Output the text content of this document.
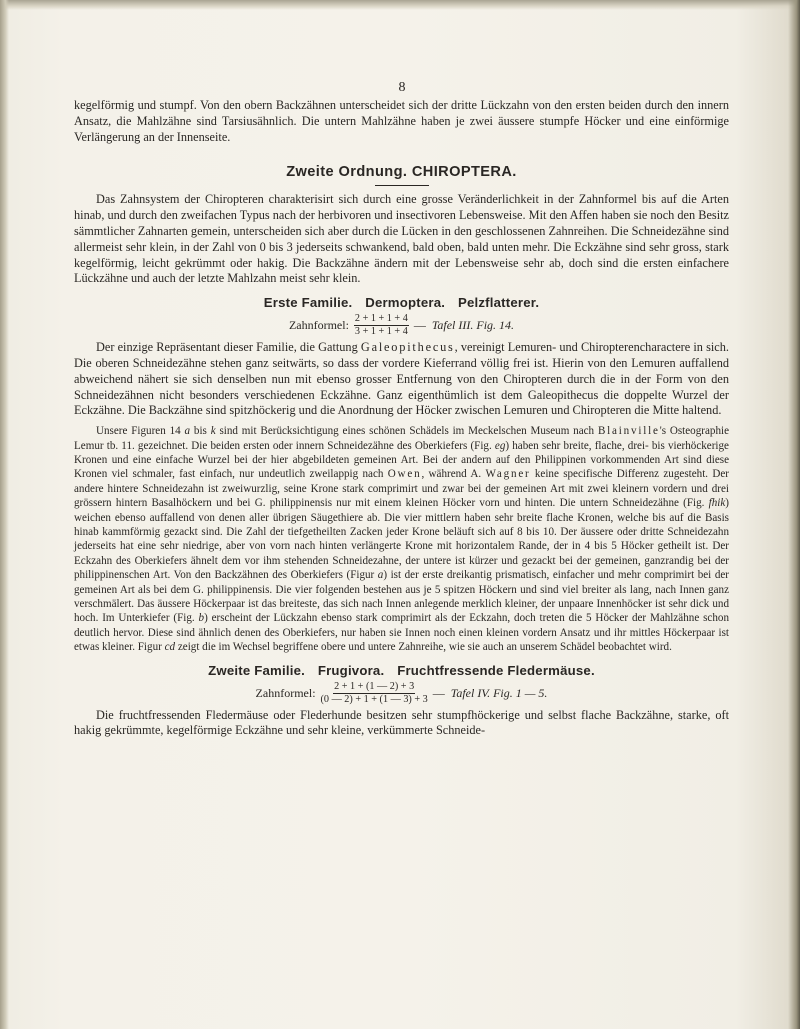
8

kegelförmig und stumpf. Von den obern Backzähnen unterscheidet sich der dritte Lückzahn von den ersten beiden durch den innern Ansatz, die Mahlzähne sind Tarsiusähnlich. Die untern Mahlzähne haben je zwei äussere stumpfe Höcker und eine einförmige Verlängerung an der Innenseite.

Zweite Ordnung. CHIROPTERA.

Das Zahnsystem der Chiropteren charakterisirt sich durch eine grosse Veränderlichkeit in der Zahnformel bis auf die Arten hinab, und durch den zweifachen Typus nach der herbivoren und insectivoren Lebensweise. Mit den Affen haben sie noch den Besitz sämmtlicher Zahnarten gemein, unterscheiden sich aber durch die Lücken in den geschlossenen Zahnreihen. Die Schneidezähne sind allermeist sehr klein, in der Zahl von 0 bis 3 jederseits schwankend, bald oben, bald unten mehr. Die Eckzähne sind sehr gross, stark kegelförmig, leicht gekrümmt oder hakig. Die Backzähne ändern mit der Lebensweise sehr ab, doch sind die ersten einfachere Lückzähne und auch der letzte Mahlzahn meist sehr klein.

Erste Familie. Dermoptera. Pelzflatterer.
Zahnformel: $\frac{2 + 1 + 1 + 4}{3 + 1 + 1 + 4}$ — Tafel III. Fig. 14.

Der einzige Repräsentant dieser Familie, die Gattung Galeopithecus, vereinigt Lemuren- und Chiropterencharactere in sich. Die oberen Schneidezähne stehen ganz seitwärts, so dass der vordere Kieferrand völlig frei ist. Hierin von den Lemuren auffallend abweichend nähert sie sich denselben nun mit ebenso grosser Entfernung von den Chiropteren durch die in der Form von den Schneidezähnen nicht besonders verschiedenen Eckzähne. Ganz eigenthümlich ist dem Galeopithecus die doppelte Wurzel der Eckzähne. Die Backzähne sind spitzhöckerig und die Anordnung der Höcker zwischen Lemuren und Chiropteren die Mitte haltend.

Unsere Figuren 14 a bis k sind mit Berücksichtigung eines schönen Schädels im Meckelschen Museum nach Blainville's Osteographie Lemur tb. 11. gezeichnet. Die beiden ersten oder innern Schneidezähne des Oberkiefers (Fig. eg) haben sehr breite, flache, drei- bis vierhöckerige Kronen und eine einfache Wurzel bei der hier abgebildeten gemeinen Art. Bei der andern auf den Philippinen vorkommenden Art sind diese Kronen viel schmaler, fast einfach, nur undeutlich zweilappig nach Owen, während A. Wagner keine specifische Differenz zugesteht. Der andere hintere Schneidezahn ist zweiwurzlig, seine Krone stark comprimirt und zwar bei der gemeinen Art mit zwei kleinern vordern und drei grössern hintern Basalhöckern und bei G. philippinensis nur mit einem kleinen Höcker vorn und hinten. Die untern Schneidezähne (Fig. fhik) weichen ebenso auffallend von denen aller übrigen Säugethiere ab. Die vier mittlern haben sehr breite flache Kronen, welche bis auf die Basis hinab kammförmig gezackt sind. Die Zahl der tiefgetheilten Zacken jeder Krone beläuft sich auf 8 bis 10. Der äussere oder dritte Schneidezahn jederseits hat eine sehr niedrige, aber von vorn nach hinten verlängerte Krone mit horizontalem Rande, der in 4 bis 5 Höcker getheilt ist. Der Eckzahn des Oberkiefers ähnelt dem vor ihm stehenden Schneidezahne, der untere ist kürzer und gezackt bei der gemeinen, ganzrandig bei der philippinenschen Art. Von den Backzähnen des Oberkiefers (Figur a) ist der erste dreikantig prismatisch, einfacher und mehr comprimirt bei der gemeinen Art als bei dem G. philippinensis. Die vier folgenden bestehen aus je 5 spitzen Höckern und sind viel breiter als lang, nach Innen ganz verschmälert. Das äussere Höckerpaar ist das breiteste, das sich nach Innen anlegende merklich kleiner, der unpaare Innenhöcker ist sehr dick und hoch. Im Unterkiefer (Fig. b) erscheint der Lückzahn ebenso stark comprimirt als der Eckzahn, doch treten die 5 Höcker der Mahlzähne schon deutlich hervor. Diese sind ähnlich denen des Oberkiefers, nur haben sie Innen noch einen kleinen vordern Ansatz und ihr mittles Höckerpaar ist etwas kleiner. Figur cd zeigt die im Wechsel begriffene obere und untere Zahnreihe, wie sie auch an unserem Schädel beobachtet wird.

Zweite Familie. Frugivora. Fruchtfressende Fledermäuse.
Zahnformel: $\frac{2 + 1 + (1 — 2) + 3}{(0 — 2) + 1 + (1 — 3) + 3}$ — Tafel IV. Fig. 1 — 5.

Die fruchtfressenden Fledermäuse oder Flederhunde besitzen sehr stumpfhöckerige und selbst flache Backzähne, starke, oft hakig gekrümmte, kegelförmige Eckzähne und sehr kleine, verkümmerte Schneide-
